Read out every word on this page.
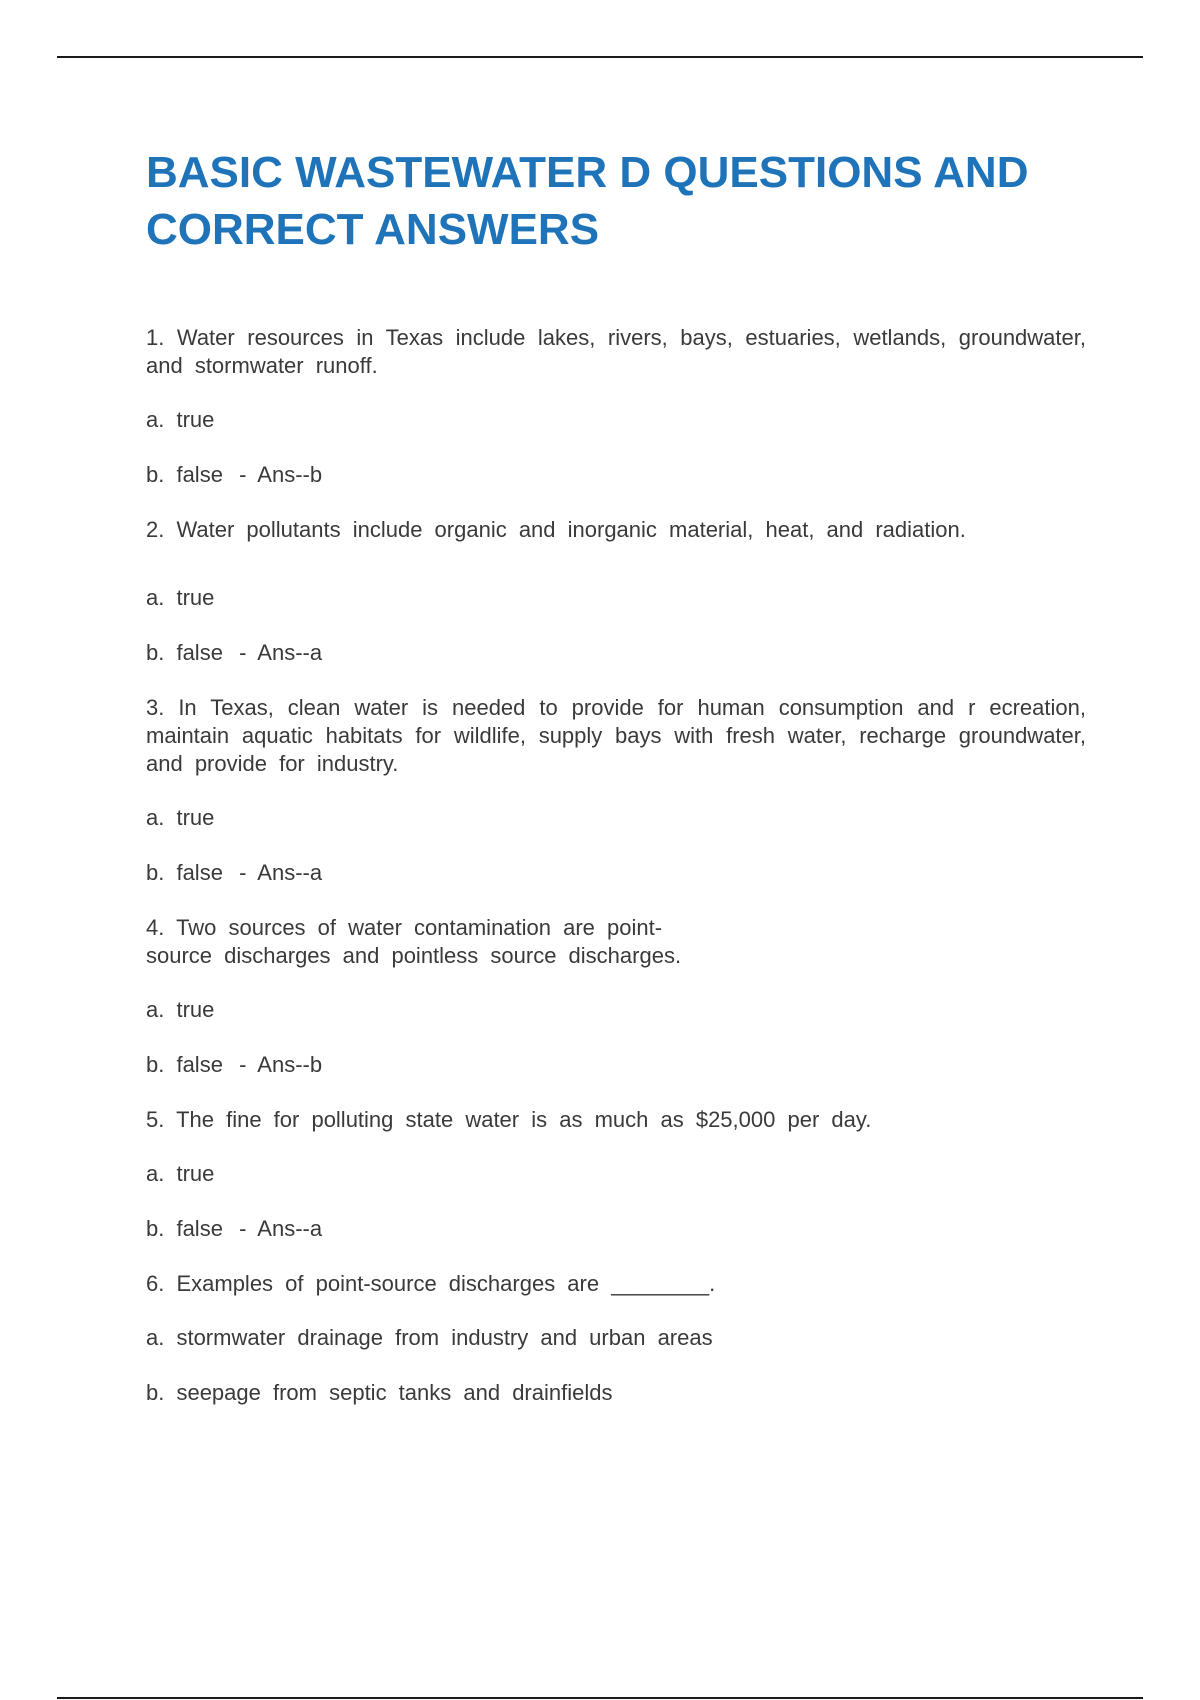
BASIC WASTEWATER D QUESTIONS AND CORRECT ANSWERS

1. Water resources in Texas include lakes, rivers, bays, estuaries, wetlands, groundwater, and stormwater runoff.

a. true

b. false - Ans--b

2. Water pollutants include organic and inorganic material, heat, and radiation.

a. true

b. false - Ans--a

3. In Texas, clean water is needed to provide for human consumption and r ecreation, maintain aquatic habitats for wildlife, supply bays with fresh water, recharge groundwater, and provide for industry.

a. true

b. false - Ans--a

4. Two sources of water contamination are point-
source discharges and pointless source discharges.

a. true

b. false - Ans--b

5. The fine for polluting state water is as much as $25,000 per day.

a. true

b. false - Ans--a

6. Examples of point-source discharges are ________.

a. stormwater drainage from industry and urban areas

b. seepage from septic tanks and drainfields
